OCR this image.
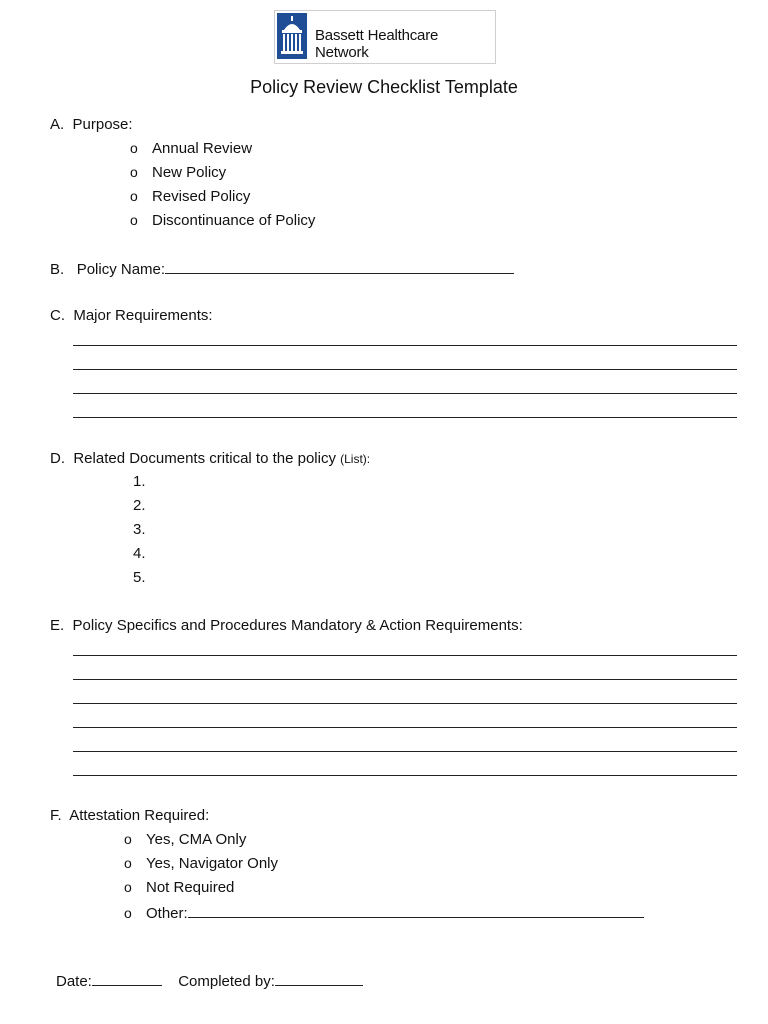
Bassett Healthcare Network
Policy Review Checklist Template
A. Purpose:
o Annual Review
o New Policy
o Revised Policy
o Discontinuance of Policy
B. Policy Name:
C. Major Requirements:
D. Related Documents critical to the policy (List):
1.
2.
3.
4.
5.
E. Policy Specifics and Procedures Mandatory & Action Requirements:
F. Attestation Required:
o Yes, CMA Only
o Yes, Navigator Only
o Not Required
o Other:
Date:	Completed by:
